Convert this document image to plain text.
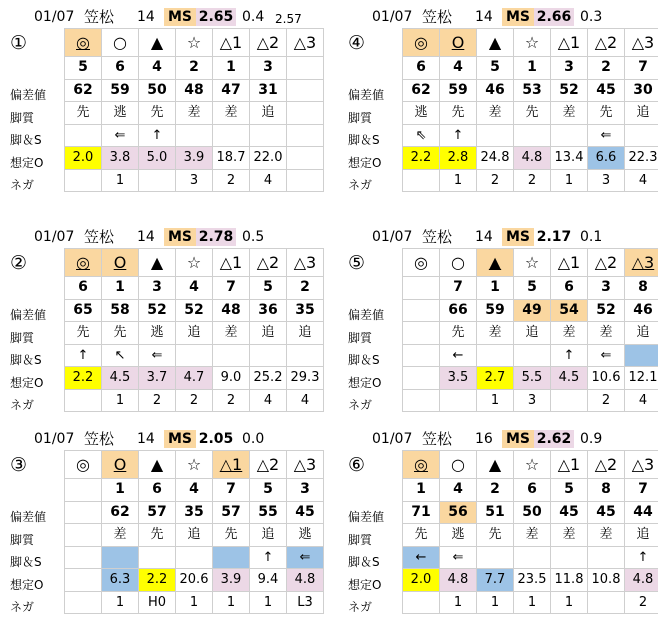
01/07 笠松 14 MS 2.65 0.4 2.57
①
偏差値
脚質
脚＆S
想定O
ネガ
◎	○	▲	☆	△1	△2	△3
5	6	4	2	1	3	
62	59	50	48	47	31	
先	逃	先	差	差	追	
	⇐	↑				
2.0	3.8	5.0	3.9	18.7	22.0	
	1		3	2	4	
01/07 笠松 14 MS 2.66 0.3
④
偏差値
脚質
脚＆S
想定O
ネガ
◎	O	▲	☆	△1	△2	△3
6	4	5	1	3	2	7
62	59	46	53	52	45	30
逃	先	差	先	差	先	追
⇖	↑				⇐	
2.2	2.8	24.8	4.8	13.4	6.6	22.3
	1	2	2	1	3	4
01/07 笠松 14 MS 2.78 0.5
②
偏差値
脚質
脚＆S
想定O
ネガ
◎	O	▲	☆	△1	△2	△3
6	1	3	4	7	5	2
65	58	52	52	48	36	35
先	先	逃	追	差	追	追
↑	↖	⇐				
2.2	4.5	3.7	4.7	9.0	25.2	29.3
	1	2	2	2	4	4
01/07 笠松 14 MS 2.17 0.1
⑤
偏差値
脚質
脚＆S
想定O
ネガ
◎	○	▲	☆	△1	△2	△3
	7	1	5	6	3	8
	66	59	49	54	52	46
	先	差	追	差	差	追
	←			↑	⇐	
	3.5	2.7	5.5	4.5	10.6	12.1
		1	3		2	4
01/07 笠松 14 MS 2.05 0.0
③
偏差値
脚質
脚＆S
想定O
ネガ
◎	O	▲	☆	△1	△2	△3
	1	6	4	7	5	3
	62	57	35	57	55	45
	差	先	追	先	追	逃
					↑	⇐
	6.3	2.2	20.6	3.9	9.4	4.8
	1	H0	1	1	1	L3
01/07 笠松 16 MS 2.62 0.9
⑥
偏差値
脚質
脚＆S
想定O
ネガ
◎	○	▲	☆	△1	△2	△3
1	4	2	6	5	8	7
71	56	51	50	45	45	44
先	逃	先	差	差	差	追
←	⇐					↑
2.0	4.8	7.7	23.5	11.8	10.8	4.8
	1	1	1	1		2
